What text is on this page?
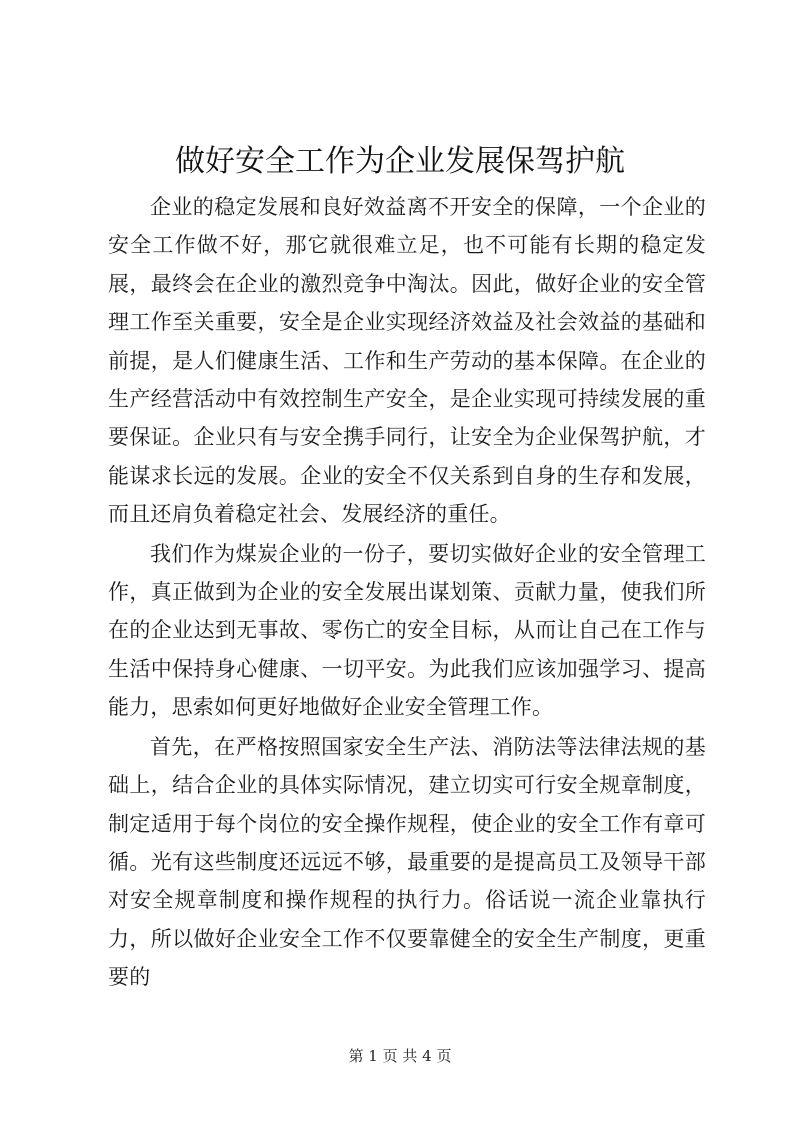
做好安全工作为企业发展保驾护航

企业的稳定发展和良好效益离不开安全的保障，一个企业的安全工作做不好，那它就很难立足，也不可能有长期的稳定发展，最终会在企业的激烈竞争中淘汰。因此，做好企业的安全管理工作至关重要，安全是企业实现经济效益及社会效益的基础和前提，是人们健康生活、工作和生产劳动的基本保障。在企业的生产经营活动中有效控制生产安全，是企业实现可持续发展的重要保证。企业只有与安全携手同行，让安全为企业保驾护航，才能谋求长远的发展。企业的安全不仅关系到自身的生存和发展，而且还肩负着稳定社会、发展经济的重任。

我们作为煤炭企业的一份子，要切实做好企业的安全管理工作，真正做到为企业的安全发展出谋划策、贡献力量，使我们所在的企业达到无事故、零伤亡的安全目标，从而让自己在工作与生活中保持身心健康、一切平安。为此我们应该加强学习、提高能力，思索如何更好地做好企业安全管理工作。

首先，在严格按照国家安全生产法、消防法等法律法规的基础上，结合企业的具体实际情况，建立切实可行安全规章制度，制定适用于每个岗位的安全操作规程，使企业的安全工作有章可循。光有这些制度还远远不够，最重要的是提高员工及领导干部对安全规章制度和操作规程的执行力。俗话说一流企业靠执行力，所以做好企业安全工作不仅要靠健全的安全生产制度，更重要的

第 1 页 共 4 页
